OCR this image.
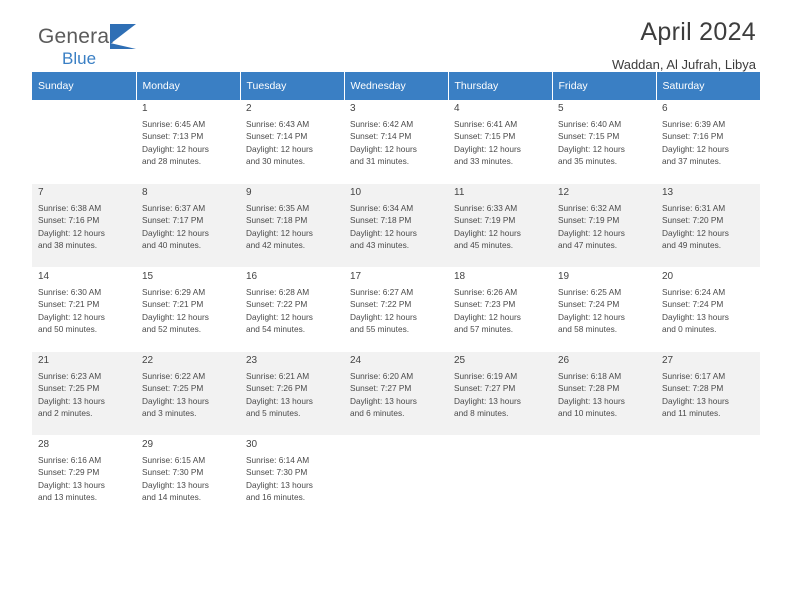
General
Blue
April 2024
Waddan, Al Jufrah, Libya
Sunday	Monday	Tuesday	Wednesday	Thursday	Friday	Saturday

	1
Sunrise: 6:45 AM
Sunset: 7:13 PM
Daylight: 12 hours
and 28 minutes.	2
Sunrise: 6:43 AM
Sunset: 7:14 PM
Daylight: 12 hours
and 30 minutes.	3
Sunrise: 6:42 AM
Sunset: 7:14 PM
Daylight: 12 hours
and 31 minutes.	4
Sunrise: 6:41 AM
Sunset: 7:15 PM
Daylight: 12 hours
and 33 minutes.	5
Sunrise: 6:40 AM
Sunset: 7:15 PM
Daylight: 12 hours
and 35 minutes.	6
Sunrise: 6:39 AM
Sunset: 7:16 PM
Daylight: 12 hours
and 37 minutes.

7
Sunrise: 6:38 AM
Sunset: 7:16 PM
Daylight: 12 hours
and 38 minutes.	8
Sunrise: 6:37 AM
Sunset: 7:17 PM
Daylight: 12 hours
and 40 minutes.	9
Sunrise: 6:35 AM
Sunset: 7:18 PM
Daylight: 12 hours
and 42 minutes.	10
Sunrise: 6:34 AM
Sunset: 7:18 PM
Daylight: 12 hours
and 43 minutes.	11
Sunrise: 6:33 AM
Sunset: 7:19 PM
Daylight: 12 hours
and 45 minutes.	12
Sunrise: 6:32 AM
Sunset: 7:19 PM
Daylight: 12 hours
and 47 minutes.	13
Sunrise: 6:31 AM
Sunset: 7:20 PM
Daylight: 12 hours
and 49 minutes.

14
Sunrise: 6:30 AM
Sunset: 7:21 PM
Daylight: 12 hours
and 50 minutes.	15
Sunrise: 6:29 AM
Sunset: 7:21 PM
Daylight: 12 hours
and 52 minutes.	16
Sunrise: 6:28 AM
Sunset: 7:22 PM
Daylight: 12 hours
and 54 minutes.	17
Sunrise: 6:27 AM
Sunset: 7:22 PM
Daylight: 12 hours
and 55 minutes.	18
Sunrise: 6:26 AM
Sunset: 7:23 PM
Daylight: 12 hours
and 57 minutes.	19
Sunrise: 6:25 AM
Sunset: 7:24 PM
Daylight: 12 hours
and 58 minutes.	20
Sunrise: 6:24 AM
Sunset: 7:24 PM
Daylight: 13 hours
and 0 minutes.

21
Sunrise: 6:23 AM
Sunset: 7:25 PM
Daylight: 13 hours
and 2 minutes.	22
Sunrise: 6:22 AM
Sunset: 7:25 PM
Daylight: 13 hours
and 3 minutes.	23
Sunrise: 6:21 AM
Sunset: 7:26 PM
Daylight: 13 hours
and 5 minutes.	24
Sunrise: 6:20 AM
Sunset: 7:27 PM
Daylight: 13 hours
and 6 minutes.	25
Sunrise: 6:19 AM
Sunset: 7:27 PM
Daylight: 13 hours
and 8 minutes.	26
Sunrise: 6:18 AM
Sunset: 7:28 PM
Daylight: 13 hours
and 10 minutes.	27
Sunrise: 6:17 AM
Sunset: 7:28 PM
Daylight: 13 hours
and 11 minutes.

28
Sunrise: 6:16 AM
Sunset: 7:29 PM
Daylight: 13 hours
and 13 minutes.	29
Sunrise: 6:15 AM
Sunset: 7:30 PM
Daylight: 13 hours
and 14 minutes.	30
Sunrise: 6:14 AM
Sunset: 7:30 PM
Daylight: 13 hours
and 16 minutes.				
